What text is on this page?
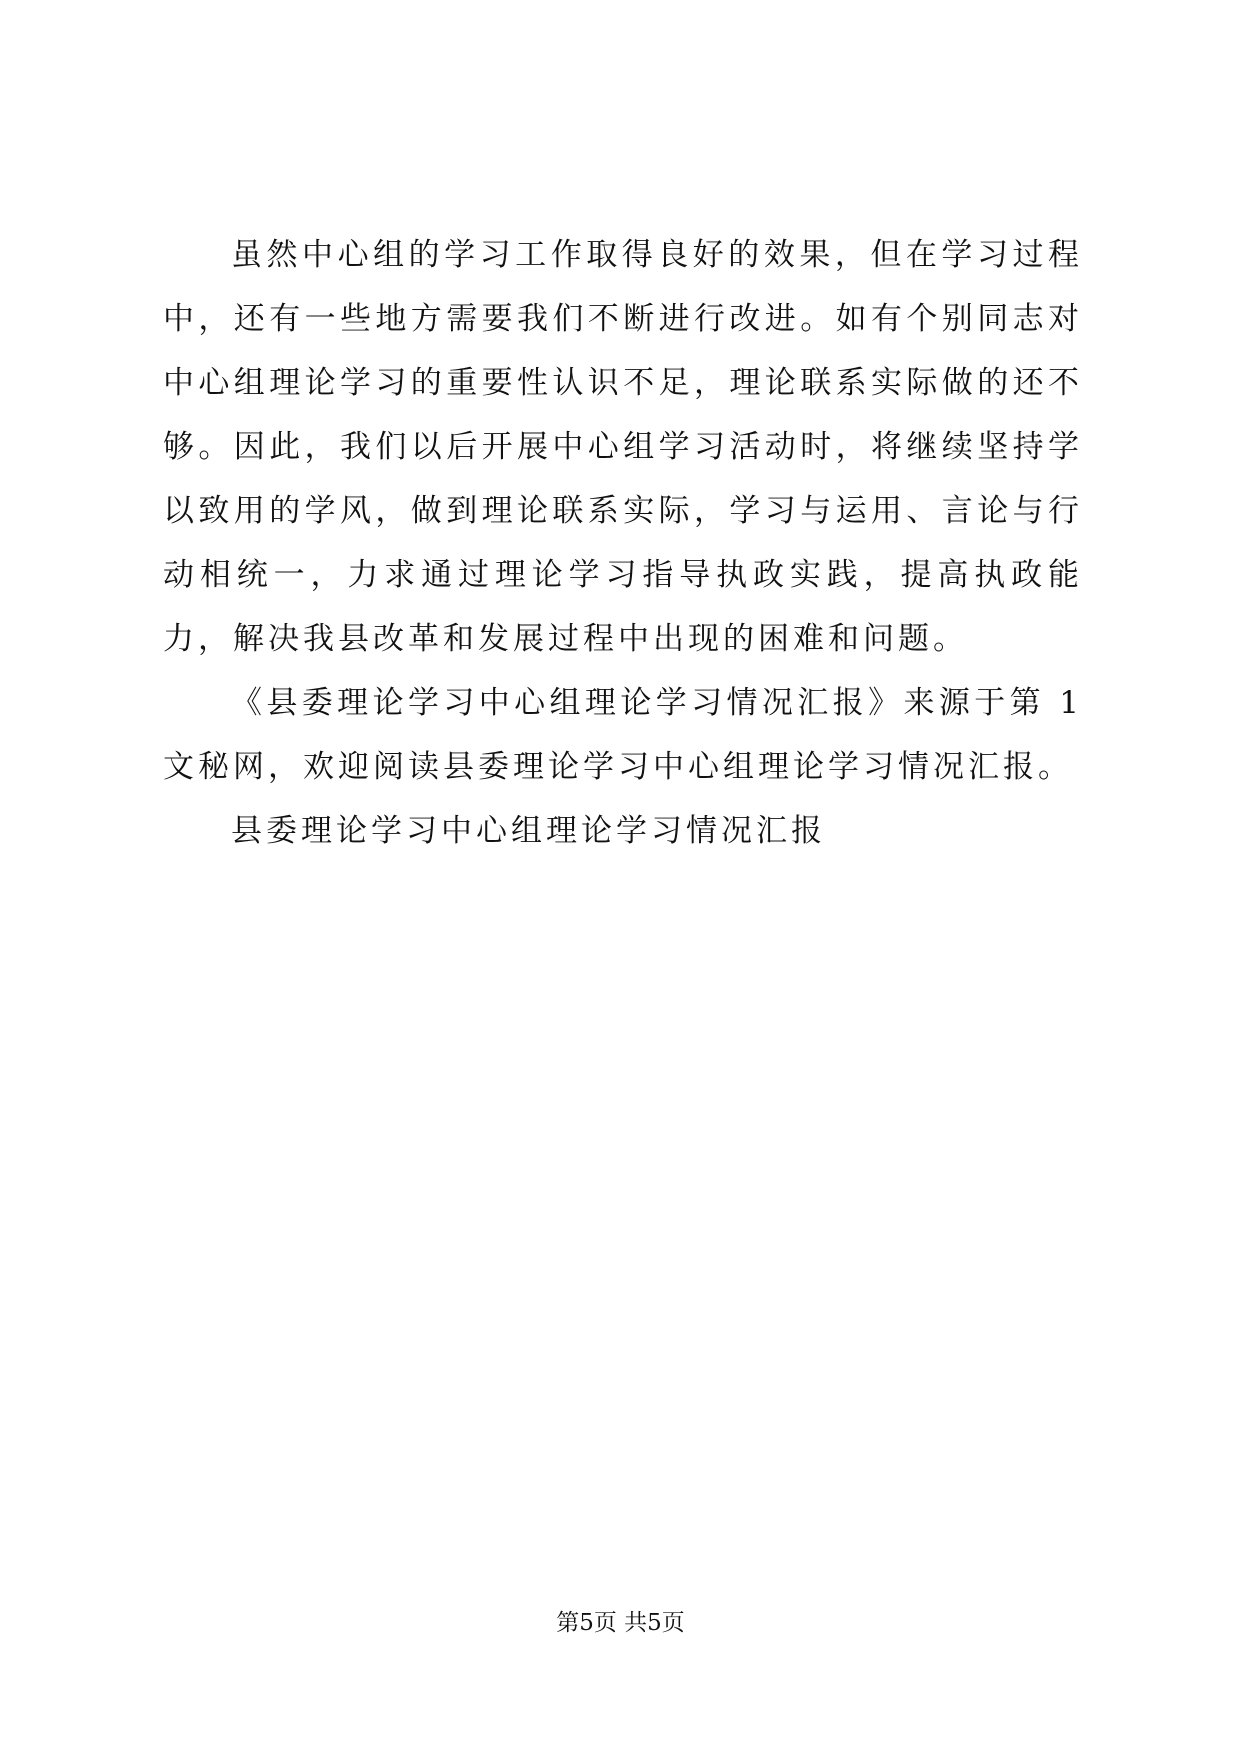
虽然中心组的学习工作取得良好的效果，但在学习过程中，还有一些地方需要我们不断进行改进。如有个别同志对中心组理论学习的重要性认识不足，理论联系实际做的还不够。因此，我们以后开展中心组学习活动时，将继续坚持学以致用的学风，做到理论联系实际，学习与运用、言论与行动相统一，力求通过理论学习指导执政实践，提高执政能力，解决我县改革和发展过程中出现的困难和问题。

《县委理论学习中心组理论学习情况汇报》来源于第 1 文秘网，欢迎阅读县委理论学习中心组理论学习情况汇报。

县委理论学习中心组理论学习情况汇报

第5页 共5页
